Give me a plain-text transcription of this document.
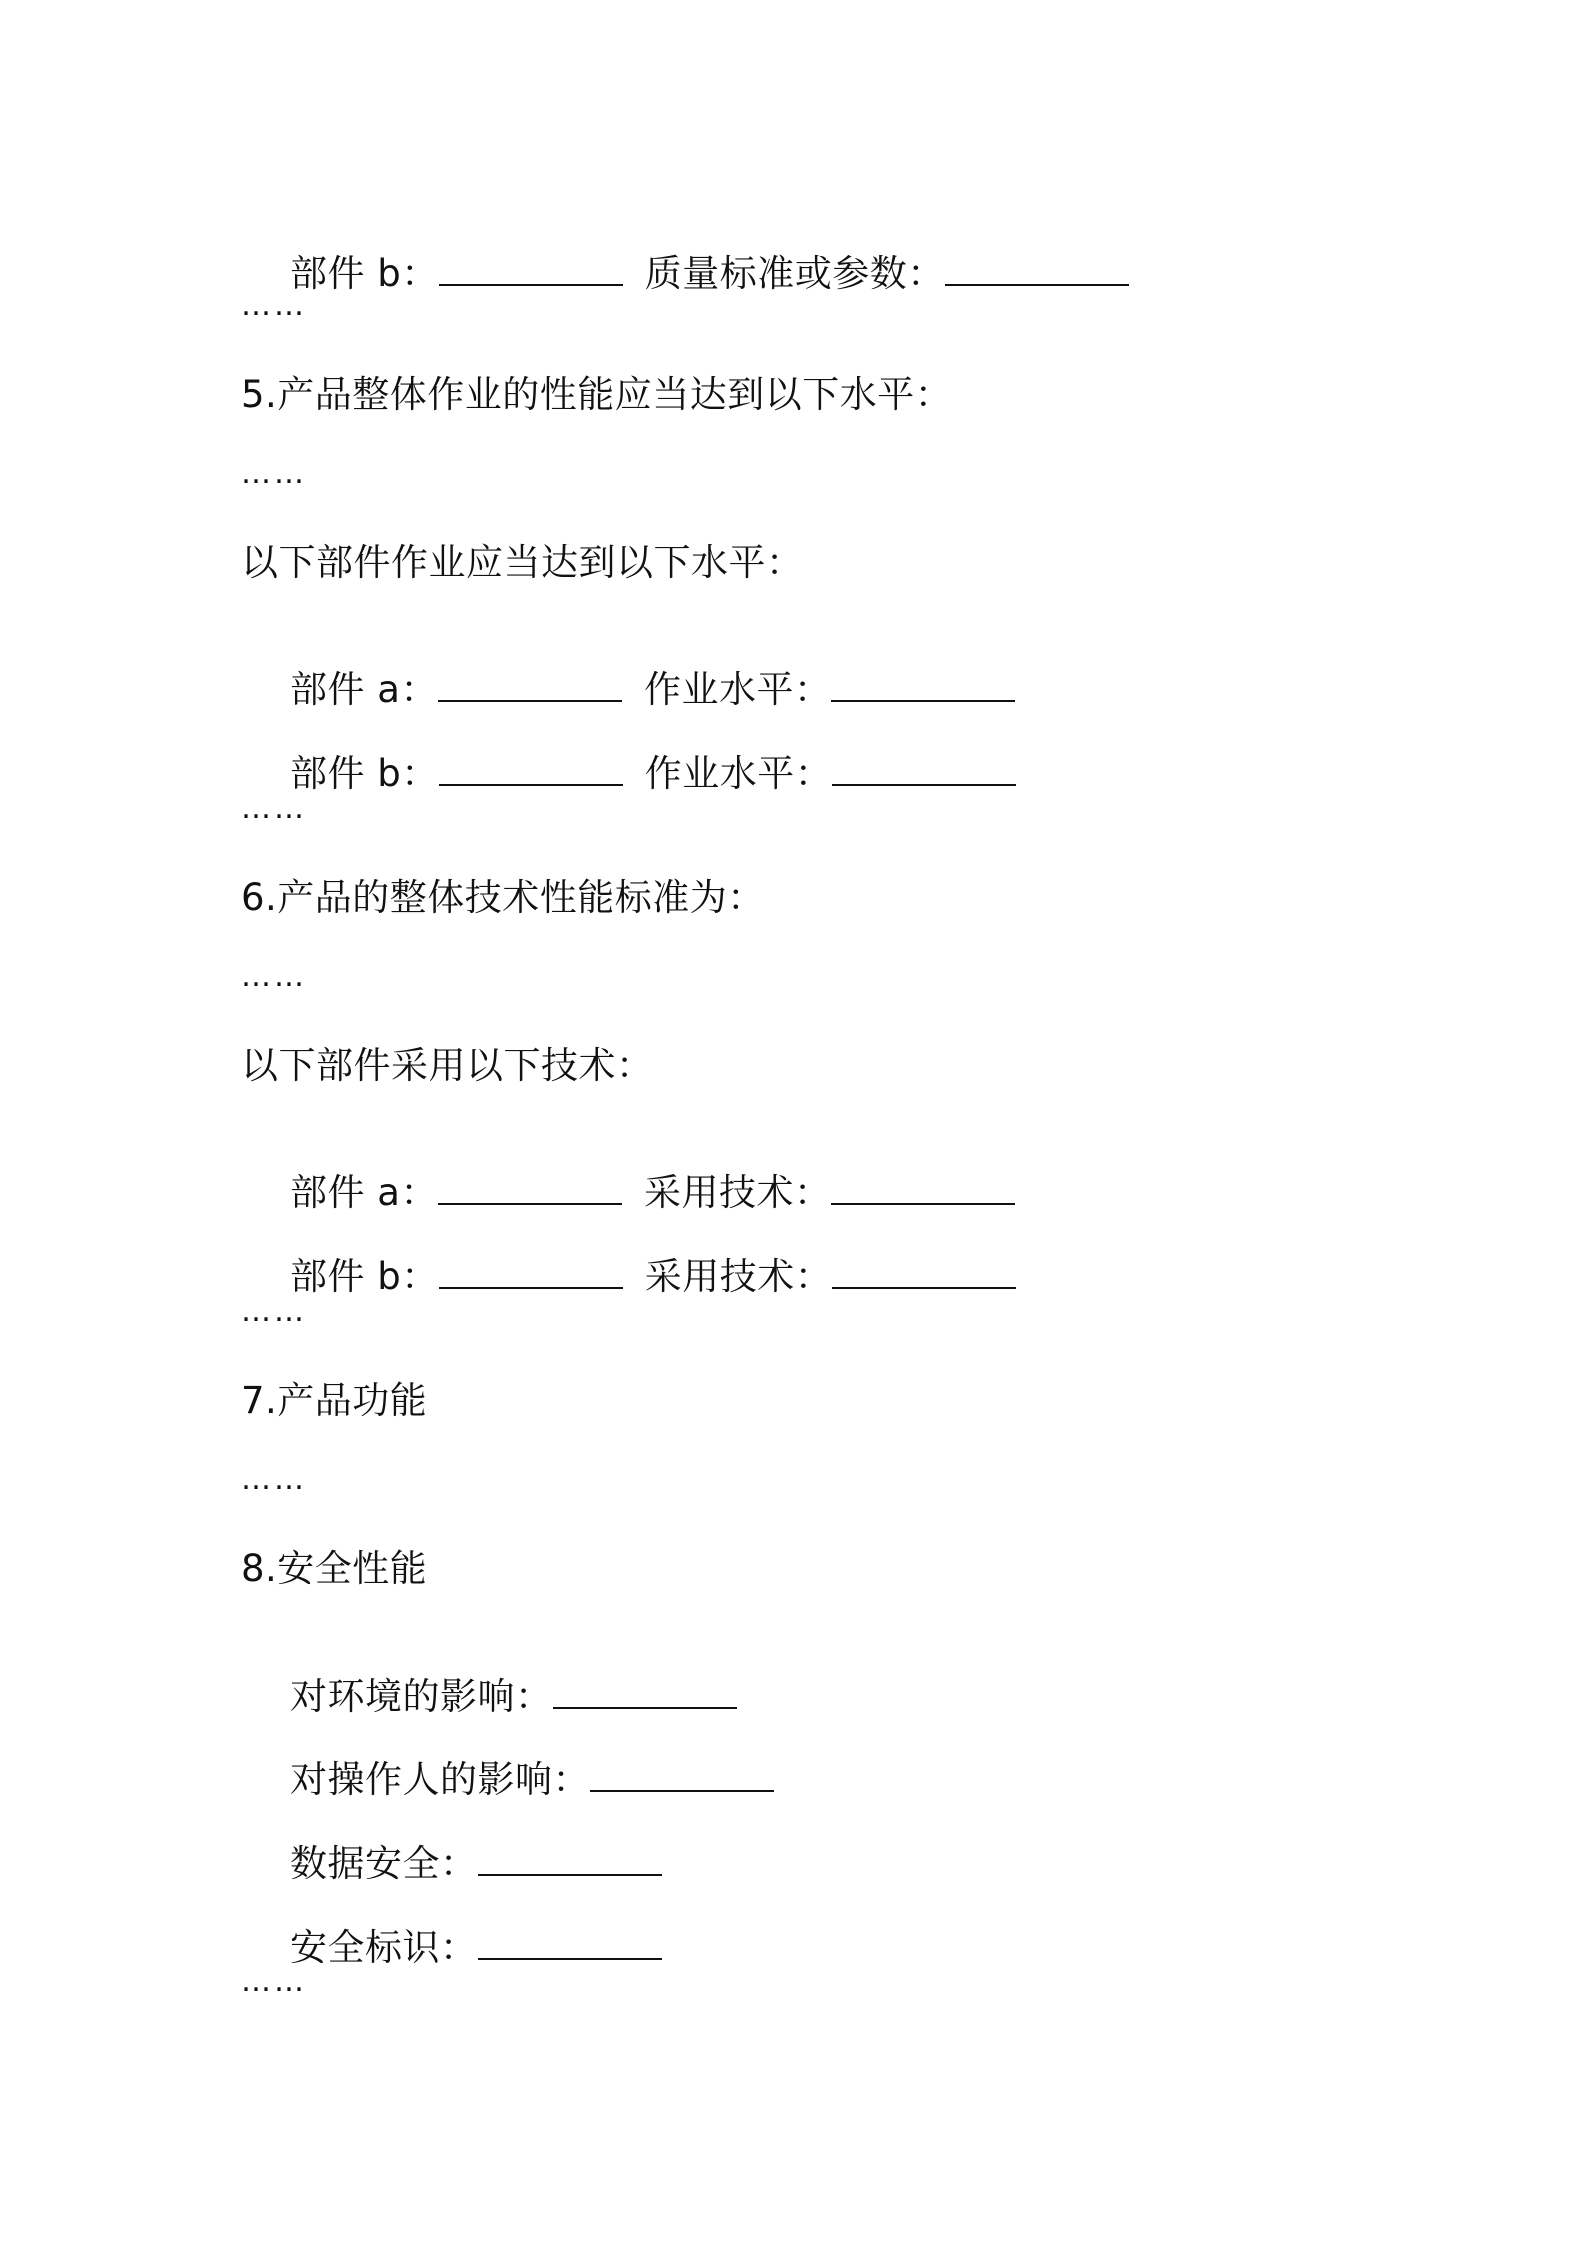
部件 b：	质量标准或参数：

……
5.产品整体作业的性能应当达到以下水平：
……
以下部件作业应当达到以下水平：

部件 a：	作业水平：

部件 b：	作业水平：

……
6.产品的整体技术性能标准为：
……
以下部件采用以下技术：

部件 a：	采用技术：

部件 b：	采用技术：

……
7.产品功能
……
8.安全性能

对环境的影响：

对操作人的影响：

数据安全：

安全标识：

……
